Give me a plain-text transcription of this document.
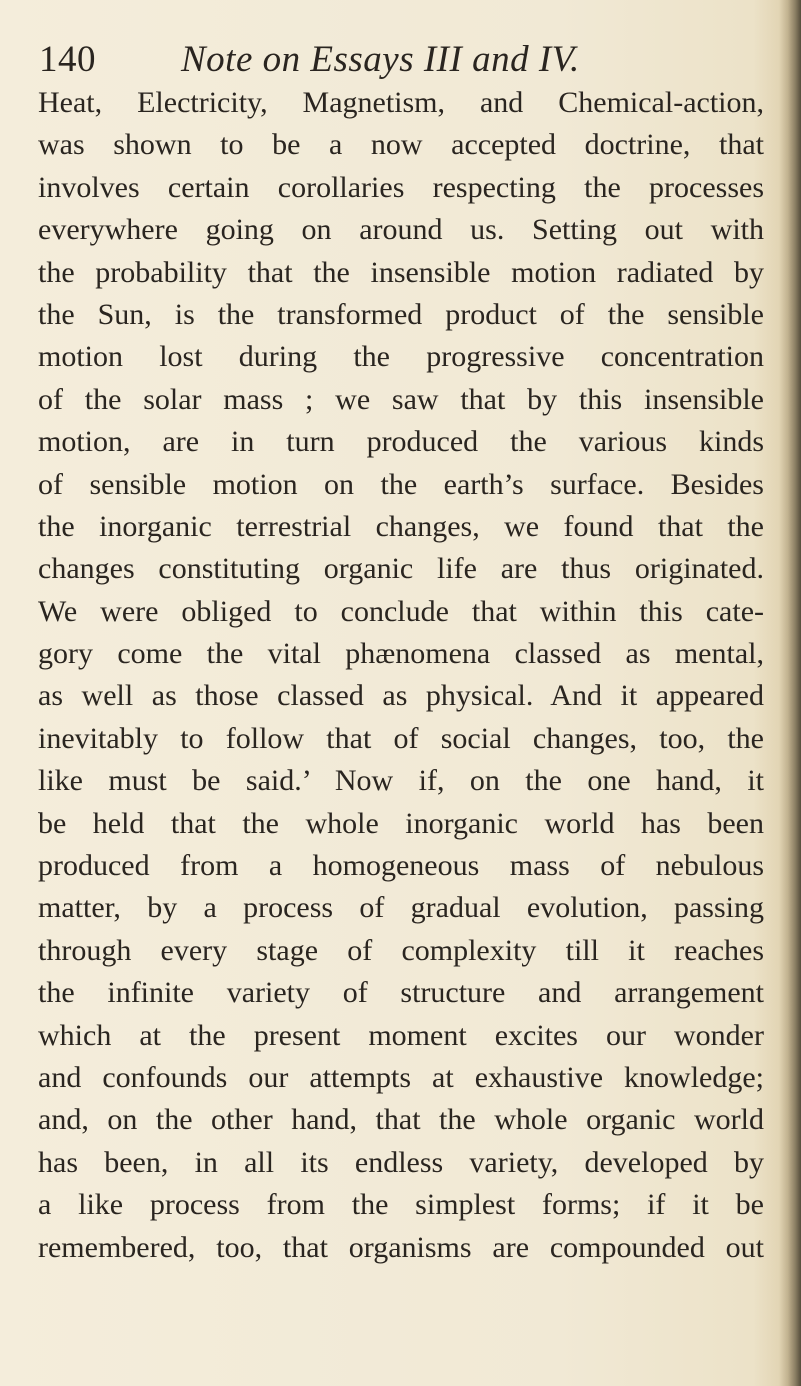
140 Note on Essays III and IV.
Heat, Electricity, Magnetism, and Chemical-action,
was shown to be a now accepted doctrine, that
involves certain corollaries respecting the processes
everywhere going on around us. Setting out with
the probability that the insensible motion radiated by
the Sun, is the transformed product of the sensible
motion lost during the progressive concentration
of the solar mass ; we saw that by this insensible
motion, are in turn produced the various kinds
of sensible motion on the earth’s surface. Besides
the inorganic terrestrial changes, we found that the
changes constituting organic life are thus originated.
We were obliged to conclude that within this cate-
gory come the vital phænomena classed as mental,
as well as those classed as physical. And it appeared
inevitably to follow that of social changes, too, the
like must be said.’ Now if, on the one hand, it
be held that the whole inorganic world has been
produced from a homogeneous mass of nebulous
matter, by a process of gradual evolution, passing
through every stage of complexity till it reaches
the infinite variety of structure and arrangement
which at the present moment excites our wonder
and confounds our attempts at exhaustive knowledge;
and, on the other hand, that the whole organic world
has been, in all its endless variety, developed by
a like process from the simplest forms; if it be
remembered, too, that organisms are compounded out
